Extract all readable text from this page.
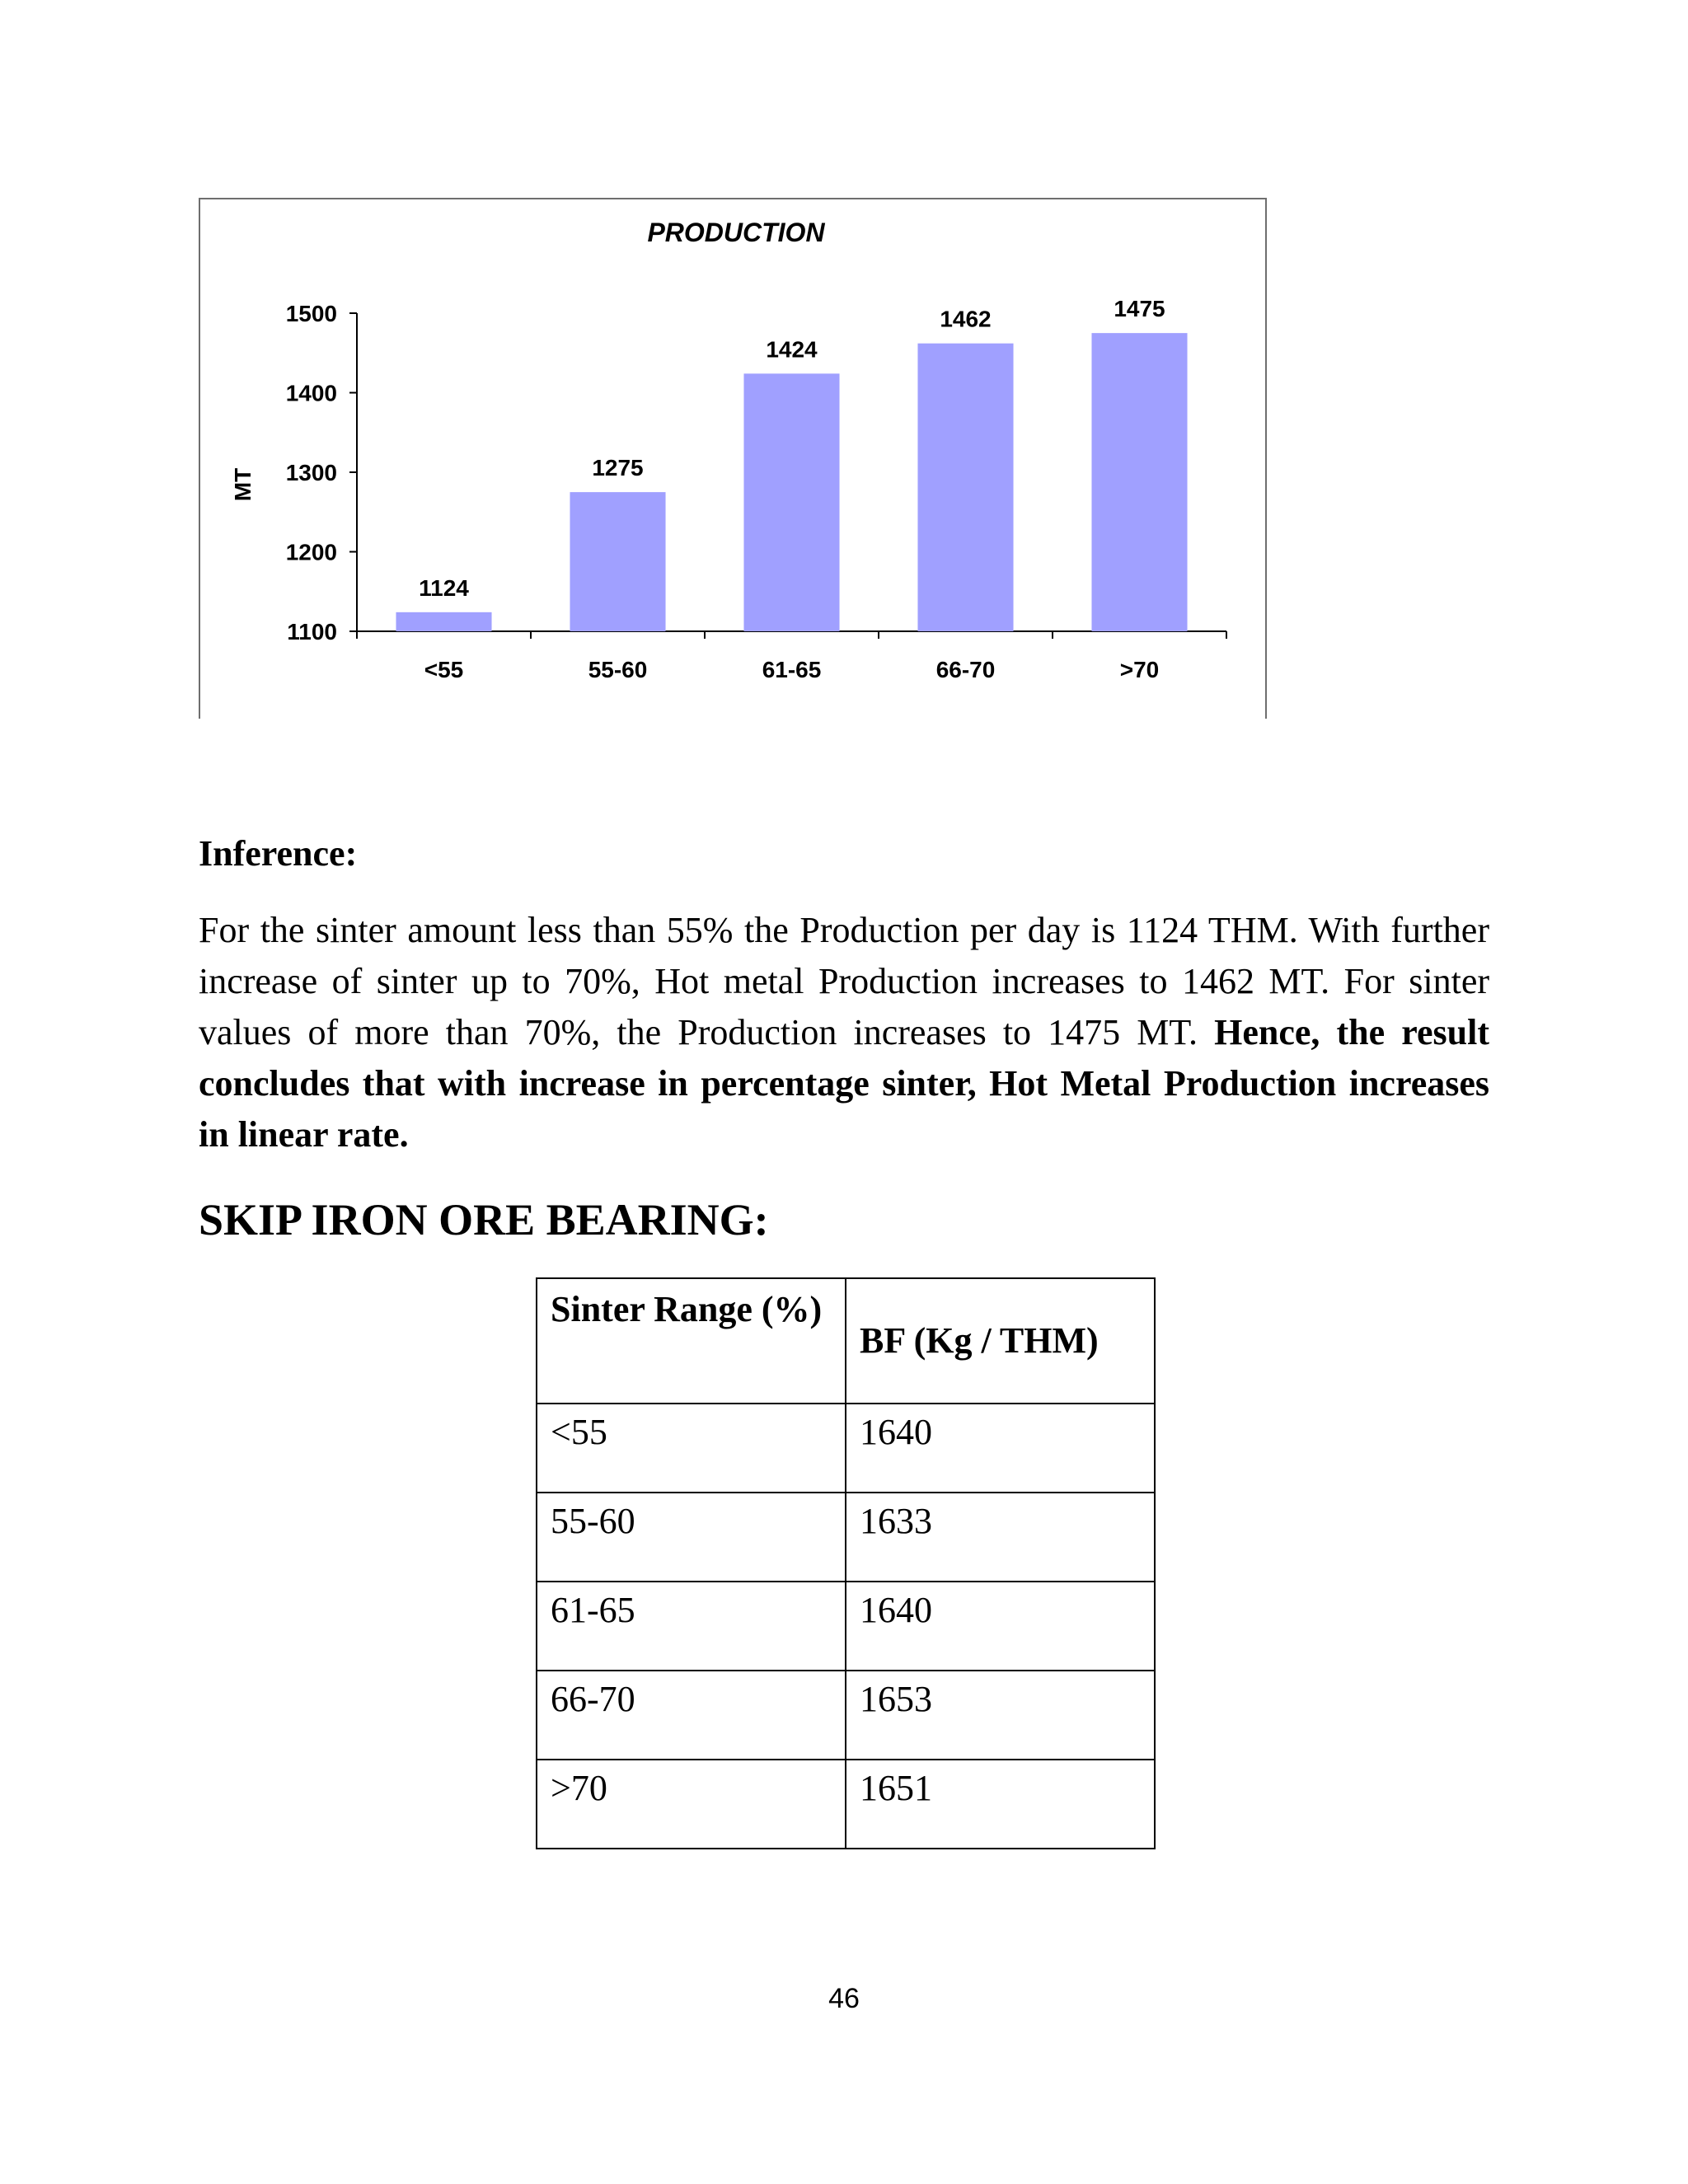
PRODUCTION
MT
1100
1200
1300
1400
1500
1124
<55
1275
55-60
1424
61-65
1462
66-70
1475
>70
Inference:

For the sinter amount less than 55% the Production per day is 1124 THM. With further increase of sinter up to 70%, Hot metal Production increases to 1462 MT. For sinter values of more than 70%, the Production increases to 1475 MT. Hence, the result concludes that with increase in percentage sinter, Hot Metal Production increases in linear rate.

SKIP IRON ORE BEARING:
Sinter Range (%)	BF (Kg / THM)
<55	1640
55-60	1633
61-65	1640
66-70	1653
>70	1651
46
